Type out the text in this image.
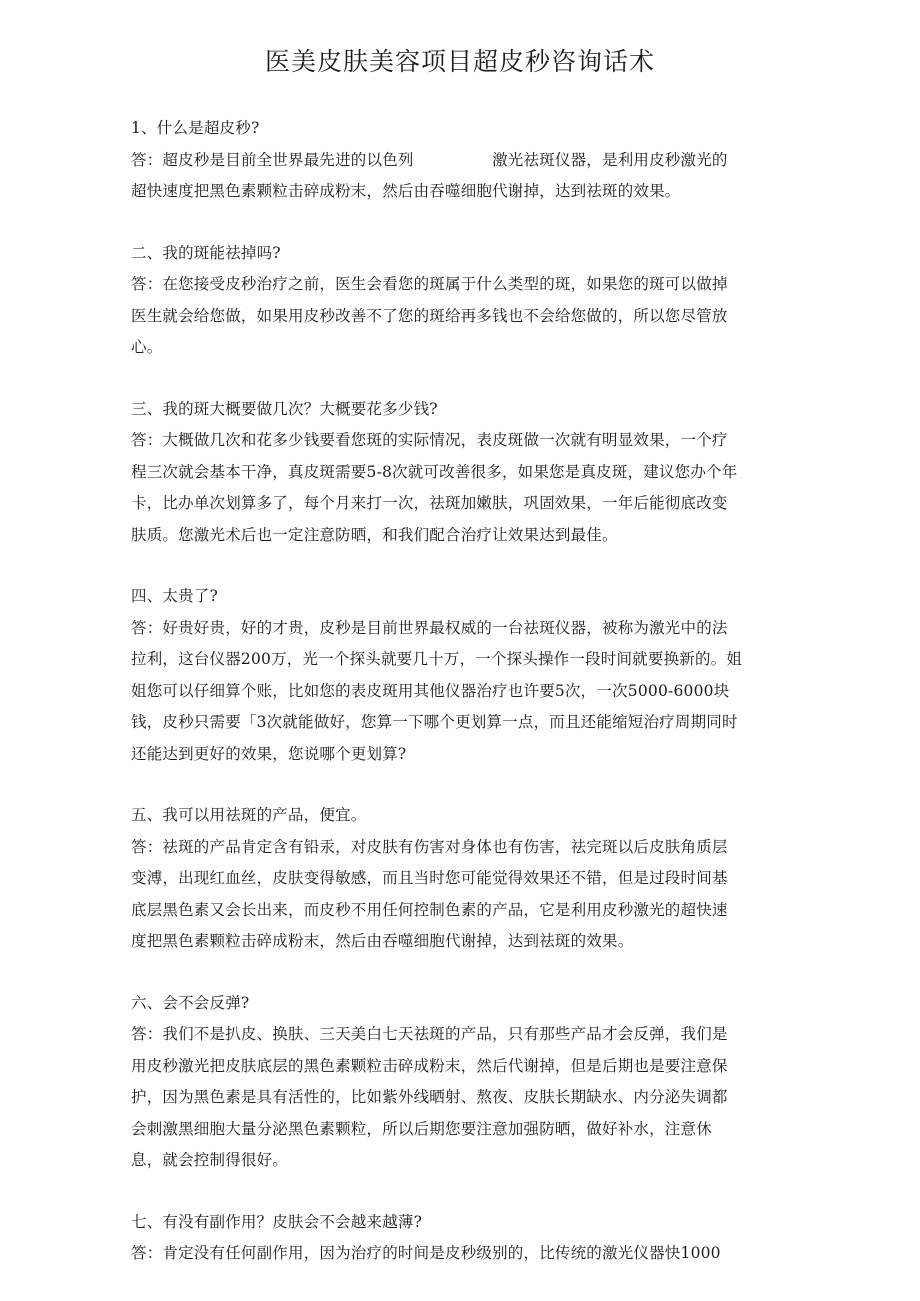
医美皮肤美容项目超皮秒咨询话术

1、什么是超皮秒?

答：超皮秒是目前全世界最先进的以色列　　　　　激光祛斑仪器，是利用皮秒激光的

超快速度把黑色素颗粒击碎成粉末，然后由吞噬细胞代谢掉，达到祛斑的效果。

二、我的斑能祛掉吗?

答：在您接受皮秒治疗之前，医生会看您的斑属于什么类型的斑，如果您的斑可以做掉

医生就会给您做，如果用皮秒改善不了您的斑给再多钱也不会给您做的，所以您尽管放

心。

三、我的斑大概要做几次？大概要花多少钱?

答：大概做几次和花多少钱要看您斑的实际情况，表皮斑做一次就有明显效果，一个疗

程三次就会基本干净，真皮斑需要5-8次就可改善很多，如果您是真皮斑，建议您办个年

卡，比办单次划算多了，每个月来打一次，祛斑加嫩肤，巩固效果，一年后能彻底改变

肤质。您激光术后也一定注意防晒，和我们配合治疗让效果达到最佳。

四、太贵了?

答：好贵好贵，好的才贵，皮秒是目前世界最权威的一台祛斑仪器，被称为激光中的法

拉利，这台仪器200万，光一个探头就要几十万，一个探头操作一段时间就要换新的。姐

姐您可以仔细算个账，比如您的表皮斑用其他仪器治疗也许要5次，一次5000-6000块

钱，皮秒只需要「3次就能做好，您算一下哪个更划算一点，而且还能缩短治疗周期同时

还能达到更好的效果，您说哪个更划算?

五、我可以用祛斑的产品，便宜。

答：祛斑的产品肯定含有铅汞，对皮肤有伤害对身体也有伤害，祛完斑以后皮肤角质层

变溥，出现红血丝，皮肤变得敏感，而且当时您可能觉得效果还不错，但是过段时间基

底层黑色素又会长出来，而皮秒不用任何控制色素的产品，它是利用皮秒激光的超快速

度把黑色素颗粒击碎成粉末，然后由吞噬细胞代谢掉，达到祛斑的效果。

六、会不会反弹?

答：我们不是扒皮、换肤、三天美白七天祛斑的产品，只有那些产品才会反弹，我们是

用皮秒激光把皮肤底层的黑色素颗粒击碎成粉末，然后代谢掉，但是后期也是要注意保

护，因为黑色素是具有活性的，比如紫外线晒射、熬夜、皮肤长期缺水、内分泌失调都

会刺激黑细胞大量分泌黑色素颗粒，所以后期您要注意加强防晒，做好补水，注意休

息，就会控制得很好。

七、有没有副作用？皮肤会不会越来越薄?

答：肯定没有任何副作用，因为治疗的时间是皮秒级别的，比传统的激光仪器快1000
